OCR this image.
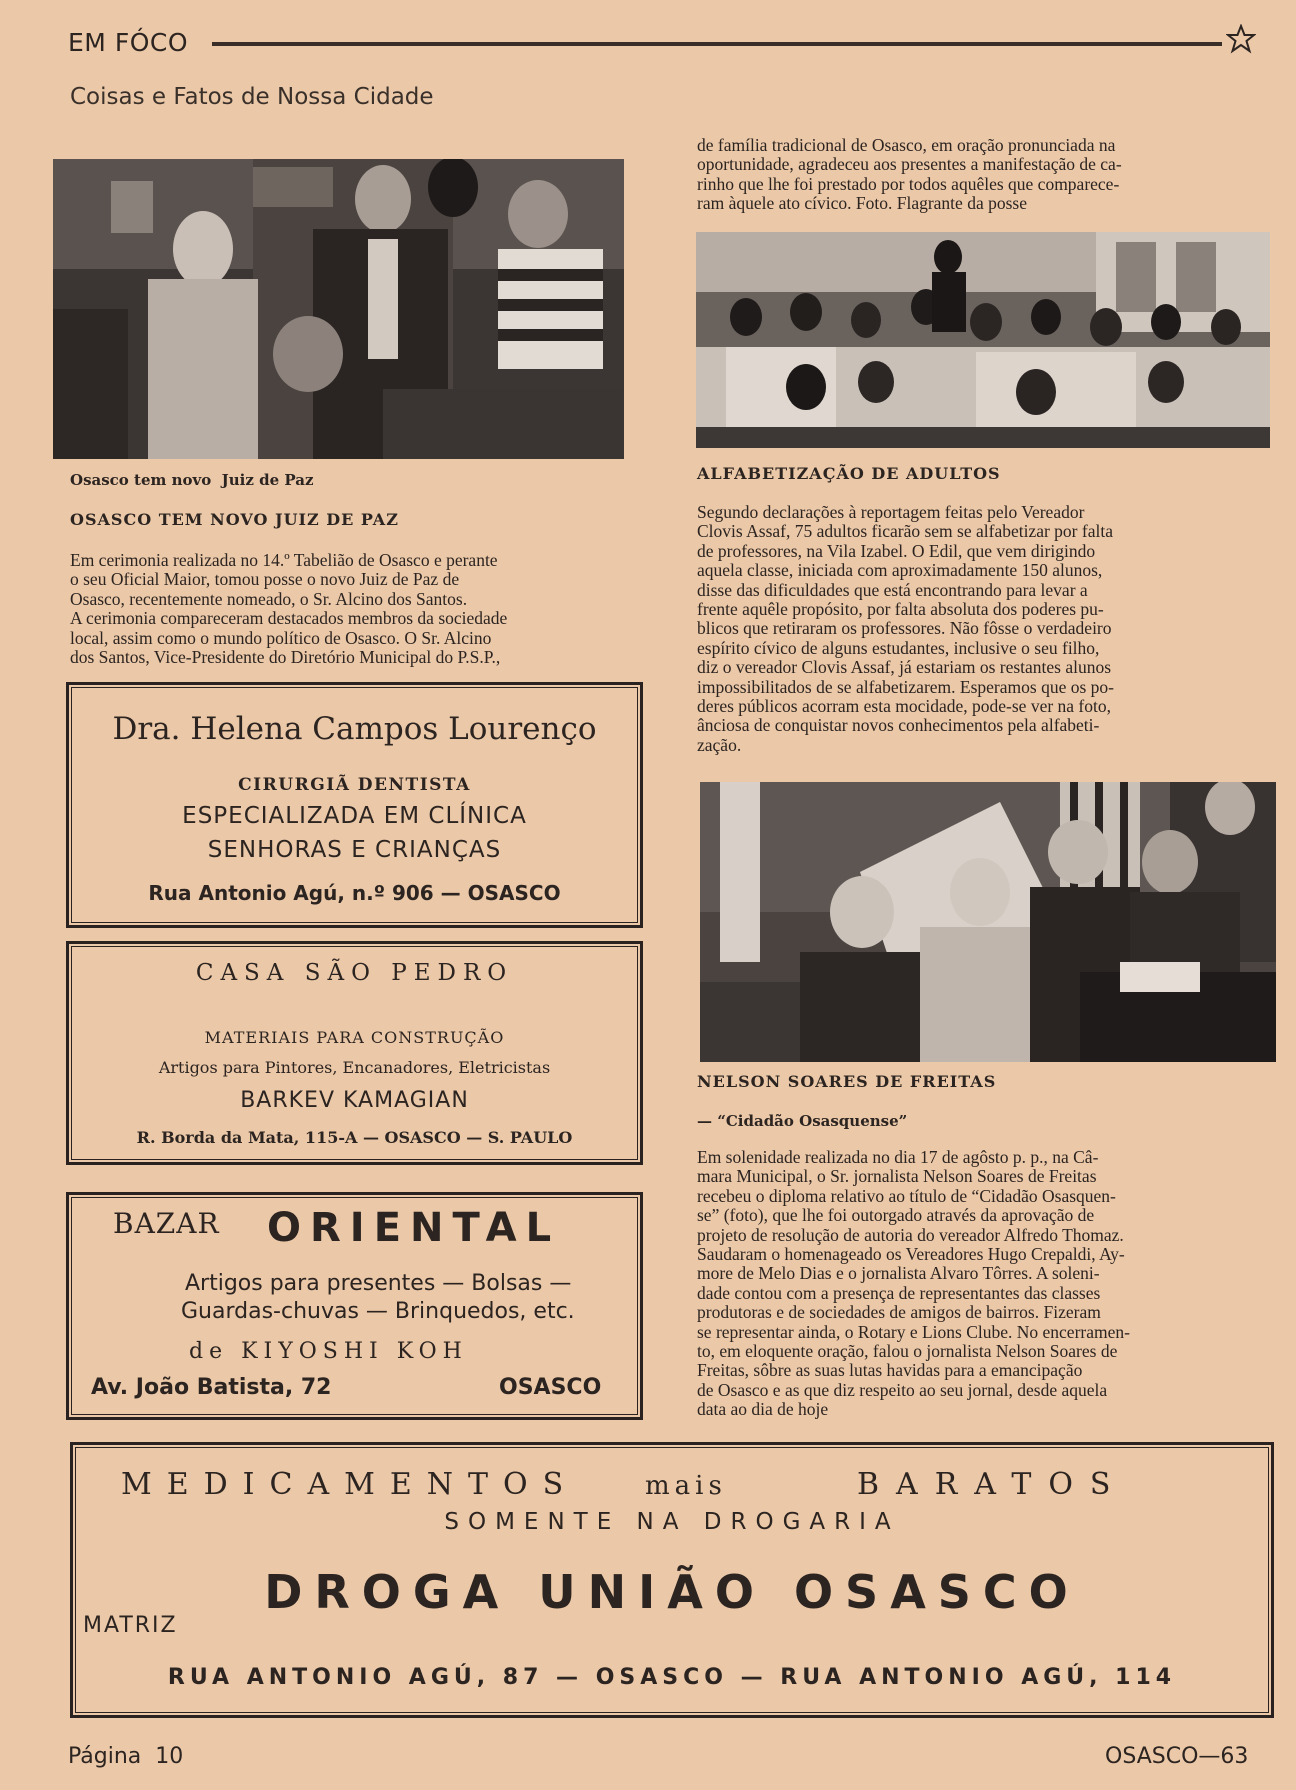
EM FÓCO
Coisas e Fatos de Nossa Cidade
Osasco tem novo  Juiz de Paz
OSASCO TEM NOVO JUIZ DE PAZ
Em cerimonia realizada no 14.º Tabelião de Osasco e perante
o seu Oficial Maior, tomou posse o novo Juiz de Paz de
Osasco, recentemente nomeado, o Sr. Alcino dos Santos.
A cerimonia compareceram destacados membros da sociedade
local, assim como o mundo político de Osasco. O Sr. Alcino
dos Santos, Vice-Presidente do Diretório Municipal do P.S.P.,
de família tradicional de Osasco, em oração pronunciada na
oportunidade, agradeceu aos presentes a manifestação de ca-
rinho que lhe foi prestado por todos aquêles que comparece-
ram àquele ato cívico. Foto. Flagrante da posse
ALFABETIZAÇÃO DE ADULTOS
Segundo declarações à reportagem feitas pelo Vereador
Clovis Assaf, 75 adultos ficarão sem se alfabetizar por falta
de professores, na Vila Izabel. O Edil, que vem dirigindo
aquela classe, iniciada com aproximadamente 150 alunos,
disse das dificuldades que está encontrando para levar a
frente aquêle propósito, por falta absoluta dos poderes pu-
blicos que retiraram os professores. Não fôsse o verdadeiro
espírito cívico de alguns estudantes, inclusive o seu filho,
diz o vereador Clovis Assaf, já estariam os restantes alunos
impossibilitados de se alfabetizarem. Esperamos que os po-
deres públicos acorram esta mocidade, pode-se ver na foto,
ânciosa de conquistar novos conhecimentos pela alfabeti-
zação.
NELSON SOARES DE FREITAS
— “Cidadão Osasquense”
Em solenidade realizada no dia 17 de agôsto p. p., na Câ-
mara Municipal, o Sr. jornalista Nelson Soares de Freitas
recebeu o diploma relativo ao título de “Cidadão Osasquen-
se” (foto), que lhe foi outorgado através da aprovação de
projeto de resolução de autoria do vereador Alfredo Thomaz.
Saudaram o homenageado os Vereadores Hugo Crepaldi, Ay-
more de Melo Dias e o jornalista Alvaro Tôrres. A soleni-
dade contou com a presença de representantes das classes
produtoras e de sociedades de amigos de bairros. Fizeram
se representar ainda, o Rotary e Lions Clube. No encerramen-
to, em eloquente oração, falou o jornalista Nelson Soares de
Freitas, sôbre as suas lutas havidas para a emancipação
de Osasco e as que diz respeito ao seu jornal, desde aquela
data ao dia de hoje
Dra. Helena Campos Lourenço
CIRURGIÃ DENTISTA
ESPECIALIZADA EM CLÍNICA
SENHORAS E CRIANÇAS
Rua Antonio Agú, n.º 906 — OSASCO
CASA SÃO PEDRO
MATERIAIS PARA CONSTRUÇÃO
Artigos para Pintores, Encanadores, Eletricistas
BARKEV KAMAGIAN
R. Borda da Mata, 115-A — OSASCO — S. PAULO
BAZAR ORIENTAL
Artigos para presentes — Bolsas —
Guardas-chuvas — Brinquedos, etc.
de KIYOSHI KOH
Av. João Batista, 72	OSASCO
MEDICAMENTOS	mais	BARATOS
SOMENTE NA DROGARIA
MATRIZ
DROGA UNIÃO OSASCO
RUA ANTONIO AGÚ, 87 — OSASCO — RUA ANTONIO AGÚ, 114
Página  10	OSASCO—63
